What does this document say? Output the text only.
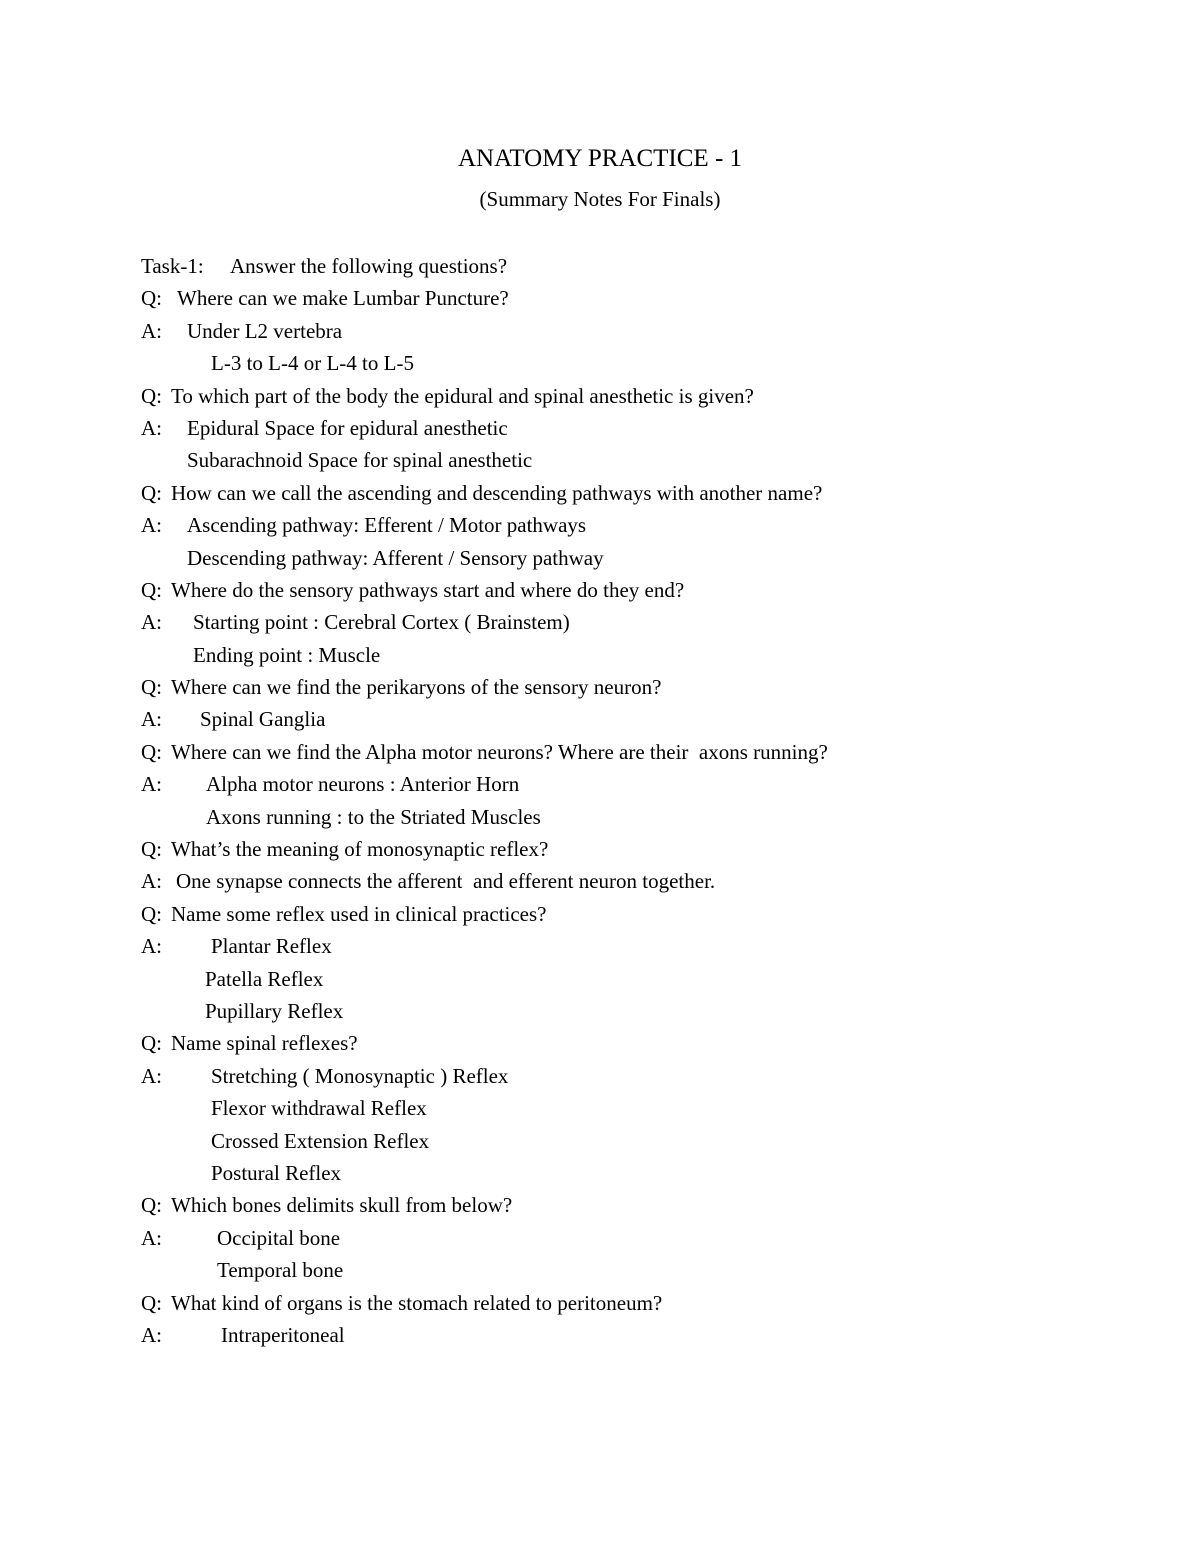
ANATOMY PRACTICE - 1
(Summary Notes For Finals)
Task-1: Answer the following questions?
Q: Where can we make Lumbar Puncture?
A: Under L2 vertebra
L-3 to L-4 or L-4 to L-5
Q: To which part of the body the epidural and spinal anesthetic is given?
A: Epidural Space for epidural anesthetic
Subarachnoid Space for spinal anesthetic
Q: How can we call the ascending and descending pathways with another name?
A: Ascending pathway: Efferent / Motor pathways
Descending pathway: Afferent / Sensory pathway
Q: Where do the sensory pathways start and where do they end?
A: Starting point : Cerebral Cortex ( Brainstem)
Ending point : Muscle
Q: Where can we find the perikaryons of the sensory neuron?
A: Spinal Ganglia
Q: Where can we find the Alpha motor neurons? Where are their  axons running?
A: Alpha motor neurons : Anterior Horn
Axons running : to the Striated Muscles
Q: What’s the meaning of monosynaptic reflex?
A: One synapse connects the afferent  and efferent neuron together.
Q: Name some reflex used in clinical practices?
A: Plantar Reflex
Patella Reflex
Pupillary Reflex
Q: Name spinal reflexes?
A: Stretching ( Monosynaptic ) Reflex
Flexor withdrawal Reflex
Crossed Extension Reflex
Postural Reflex
Q: Which bones delimits skull from below?
A:	Occipital bone
Temporal bone
Q: What kind of organs is the stomach related to peritoneum?
A:	Intraperitoneal
